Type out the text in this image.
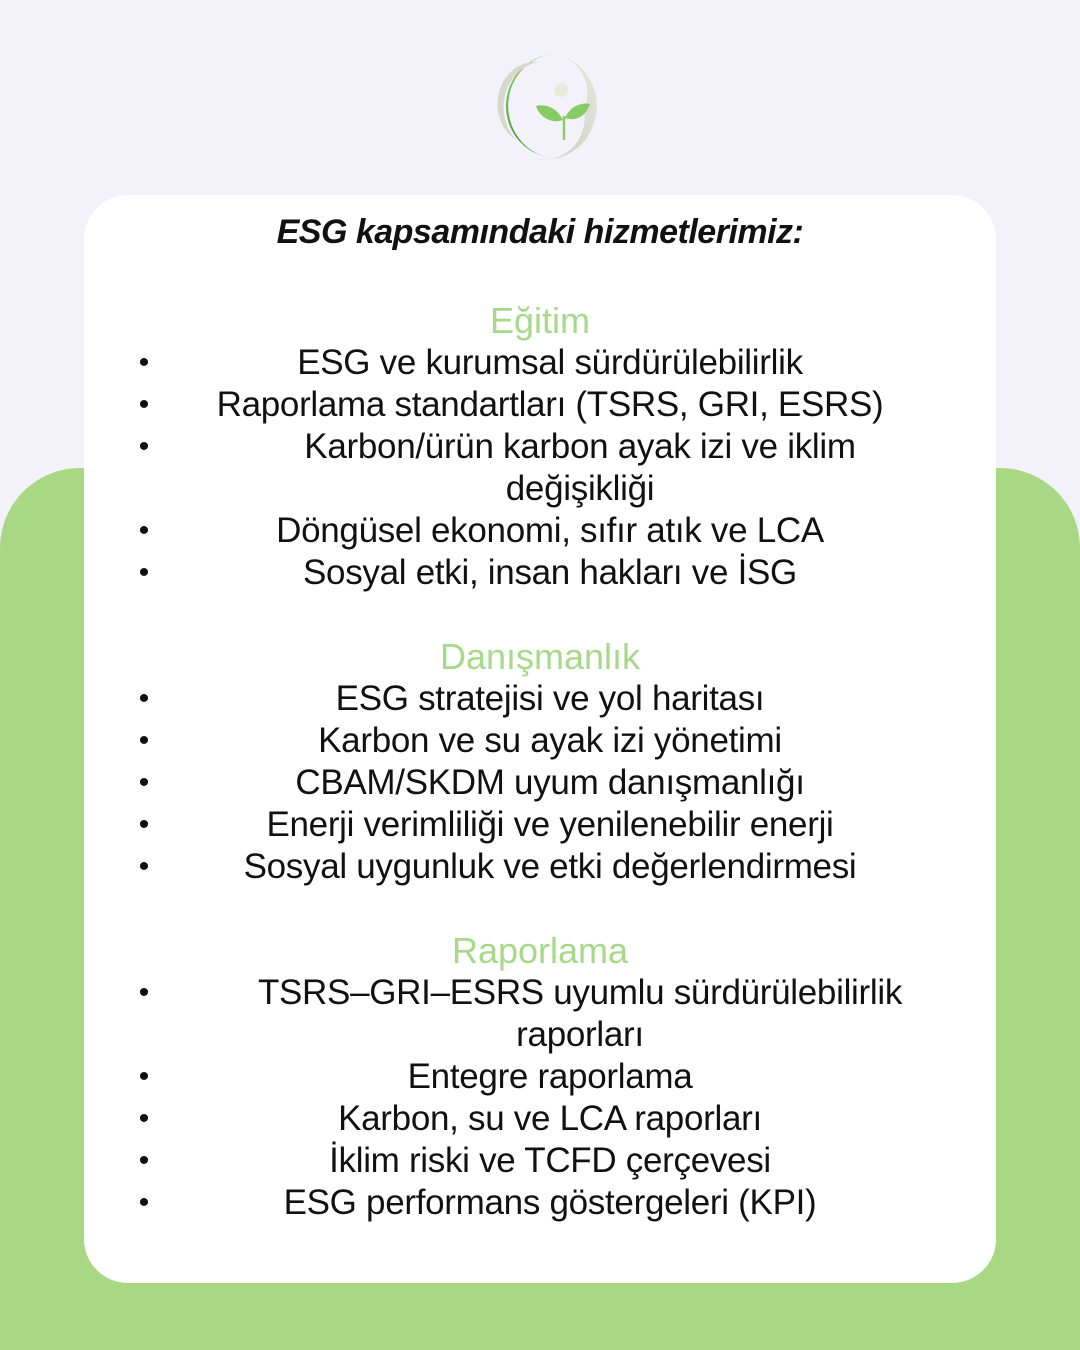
ESG kapsamındaki hizmetlerimiz:
Eğitim
•	ESG ve kurumsal sürdürülebilirlik
•	Raporlama standartları (TSRS, GRI, ESRS)
•	Karbon/ürün karbon ayak izi ve iklim değişikliği
•	Döngüsel ekonomi, sıfır atık ve LCA
•	Sosyal etki, insan hakları ve İSG
Danışmanlık
•	ESG stratejisi ve yol haritası
•	Karbon ve su ayak izi yönetimi
•	CBAM/SKDM uyum danışmanlığı
•	Enerji verimliliği ve yenilenebilir enerji
•	Sosyal uygunluk ve etki değerlendirmesi
Raporlama
•	TSRS–GRI–ESRS uyumlu sürdürülebilirlik raporları
•	Entegre raporlama
•	Karbon, su ve LCA raporları
•	İklim riski ve TCFD çerçevesi
•	ESG performans göstergeleri (KPI)
